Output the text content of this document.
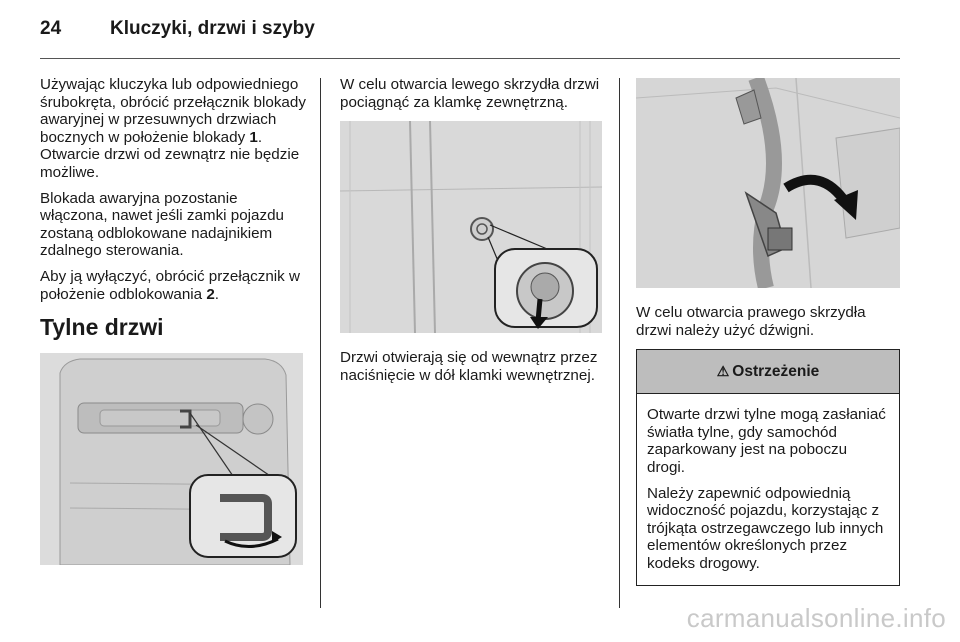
24	Kluczyki, drzwi i szyby

Używając kluczyka lub odpowiedniego śrubokręta, obrócić przełącznik blokady awaryjnej w przesuwnych drzwiach bocznych w położenie blokady 1. Otwarcie drzwi od zewnątrz nie będzie możliwe.

Blokada awaryjna pozostanie włączona, nawet jeśli zamki pojazdu zostaną odblokowane nadajnikiem zdalnego sterowania.

Aby ją wyłączyć, obrócić przełącznik w położenie odblokowania 2.

Tylne drzwi

W celu otwarcia lewego skrzydła drzwi pociągnąć za klamkę zewnętrzną.

Drzwi otwierają się od wewnątrz przez naciśnięcie w dół klamki wewnętrznej.

W celu otwarcia prawego skrzydła drzwi należy użyć dźwigni.

⚠ Ostrzeżenie

Otwarte drzwi tylne mogą zasłaniać światła tylne, gdy samochód zaparkowany jest na poboczu drogi.

Należy zapewnić odpowiednią widoczność pojazdu, korzystając z trójkąta ostrzegawczego lub innych elementów określonych przez kodeks drogowy.

carmanualsonline.info
